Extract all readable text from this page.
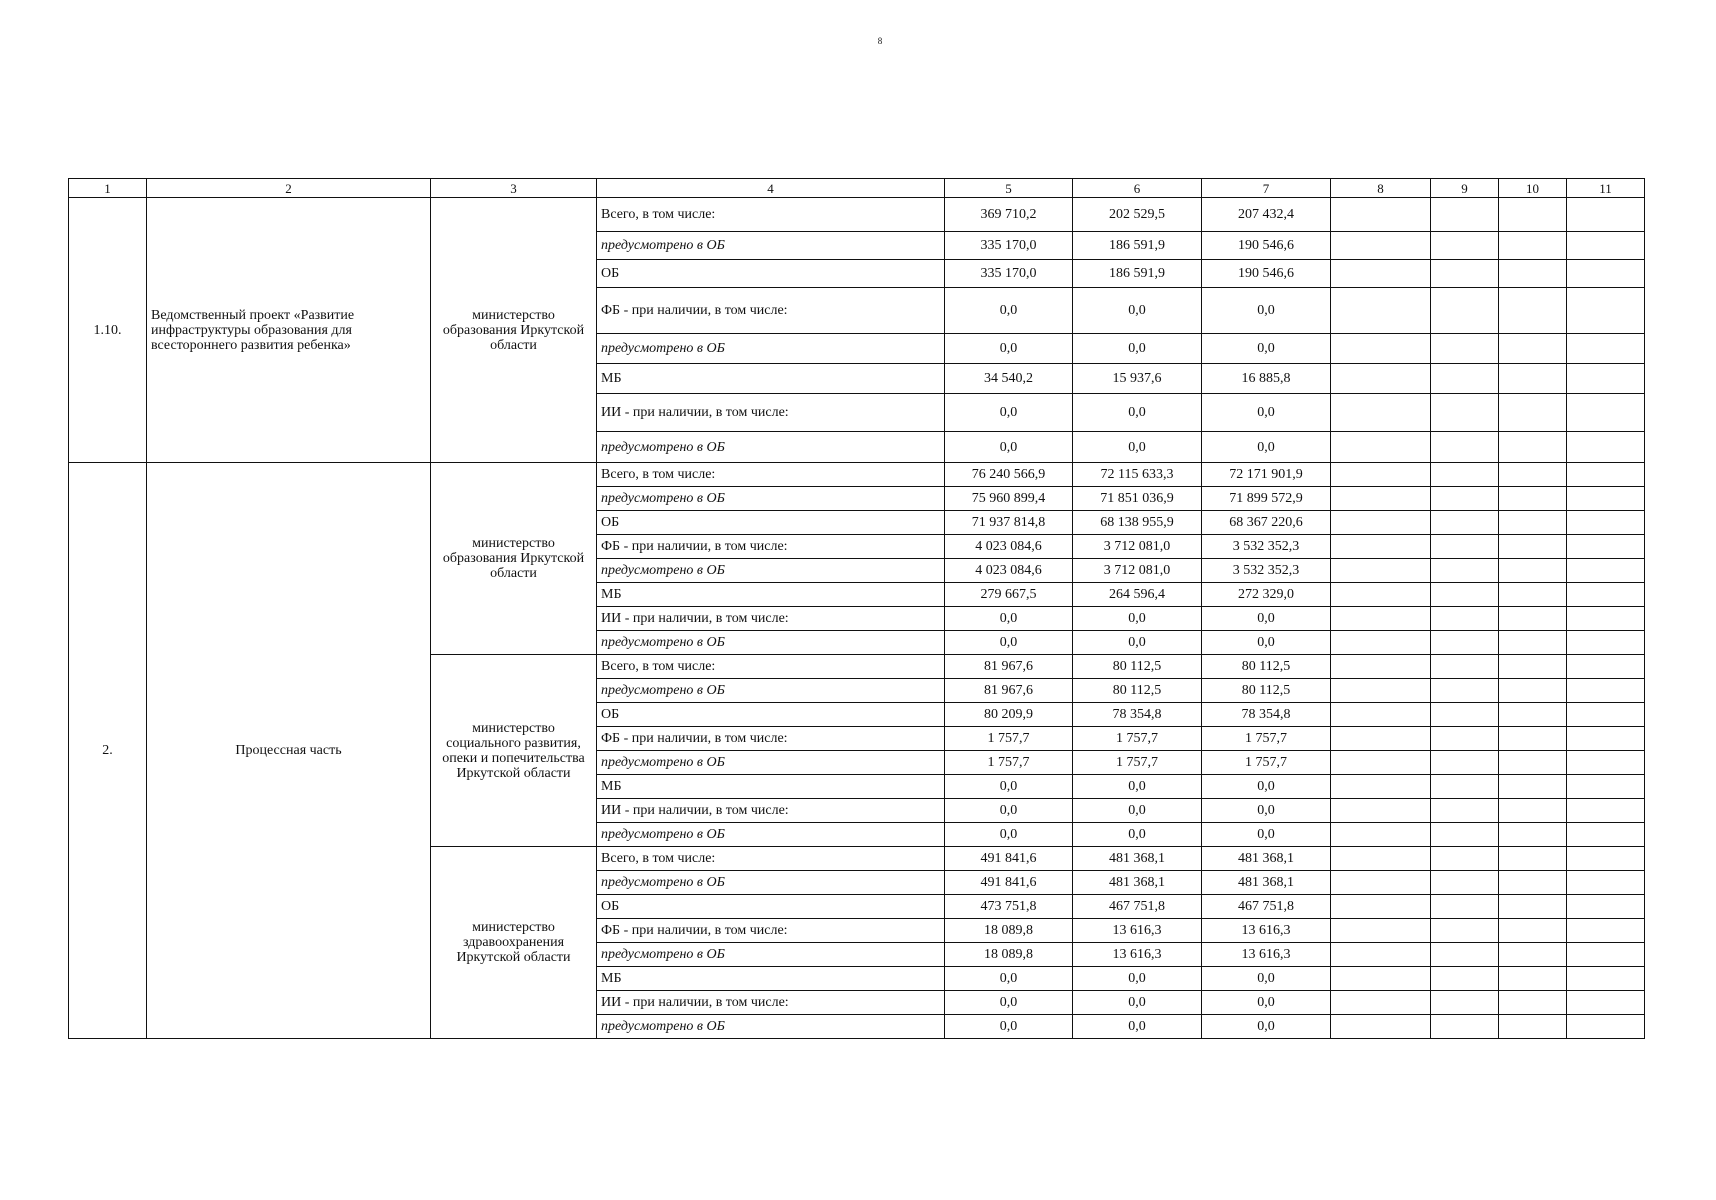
8
1	2	3	4	5	6	7	8	9	10	11
1.10.	Ведомственный проект «Развитие инфраструктуры образования для всестороннего развития ребенка»	министерство образования Иркутской области	Всего, в том числе:	369 710,2	202 529,5	207 432,4				
			предусмотрено в ОБ	335 170,0	186 591,9	190 546,6				
			ОБ	335 170,0	186 591,9	190 546,6				
			ФБ - при наличии, в том числе:	0,0	0,0	0,0				
			предусмотрено в ОБ	0,0	0,0	0,0				
			МБ	34 540,2	15 937,6	16 885,8				
			ИИ - при наличии, в том числе:	0,0	0,0	0,0				
			предусмотрено в ОБ	0,0	0,0	0,0				
2.	Процессная часть	министерство образования Иркутской области	Всего, в том числе:	76 240 566,9	72 115 633,3	72 171 901,9				
			предусмотрено в ОБ	75 960 899,4	71 851 036,9	71 899 572,9				
			ОБ	71 937 814,8	68 138 955,9	68 367 220,6				
			ФБ - при наличии, в том числе:	4 023 084,6	3 712 081,0	3 532 352,3				
			предусмотрено в ОБ	4 023 084,6	3 712 081,0	3 532 352,3				
			МБ	279 667,5	264 596,4	272 329,0				
			ИИ - при наличии, в том числе:	0,0	0,0	0,0				
			предусмотрено в ОБ	0,0	0,0	0,0				
		министерство социального развития, опеки и попечительства Иркутской области	Всего, в том числе:	81 967,6	80 112,5	80 112,5				
			предусмотрено в ОБ	81 967,6	80 112,5	80 112,5				
			ОБ	80 209,9	78 354,8	78 354,8				
			ФБ - при наличии, в том числе:	1 757,7	1 757,7	1 757,7				
			предусмотрено в ОБ	1 757,7	1 757,7	1 757,7				
			МБ	0,0	0,0	0,0				
			ИИ - при наличии, в том числе:	0,0	0,0	0,0				
			предусмотрено в ОБ	0,0	0,0	0,0				
		министерство здравоохранения Иркутской области	Всего, в том числе:	491 841,6	481 368,1	481 368,1				
			предусмотрено в ОБ	491 841,6	481 368,1	481 368,1				
			ОБ	473 751,8	467 751,8	467 751,8				
			ФБ - при наличии, в том числе:	18 089,8	13 616,3	13 616,3				
			предусмотрено в ОБ	18 089,8	13 616,3	13 616,3				
			МБ	0,0	0,0	0,0				
			ИИ - при наличии, в том числе:	0,0	0,0	0,0				
			предусмотрено в ОБ	0,0	0,0	0,0				
